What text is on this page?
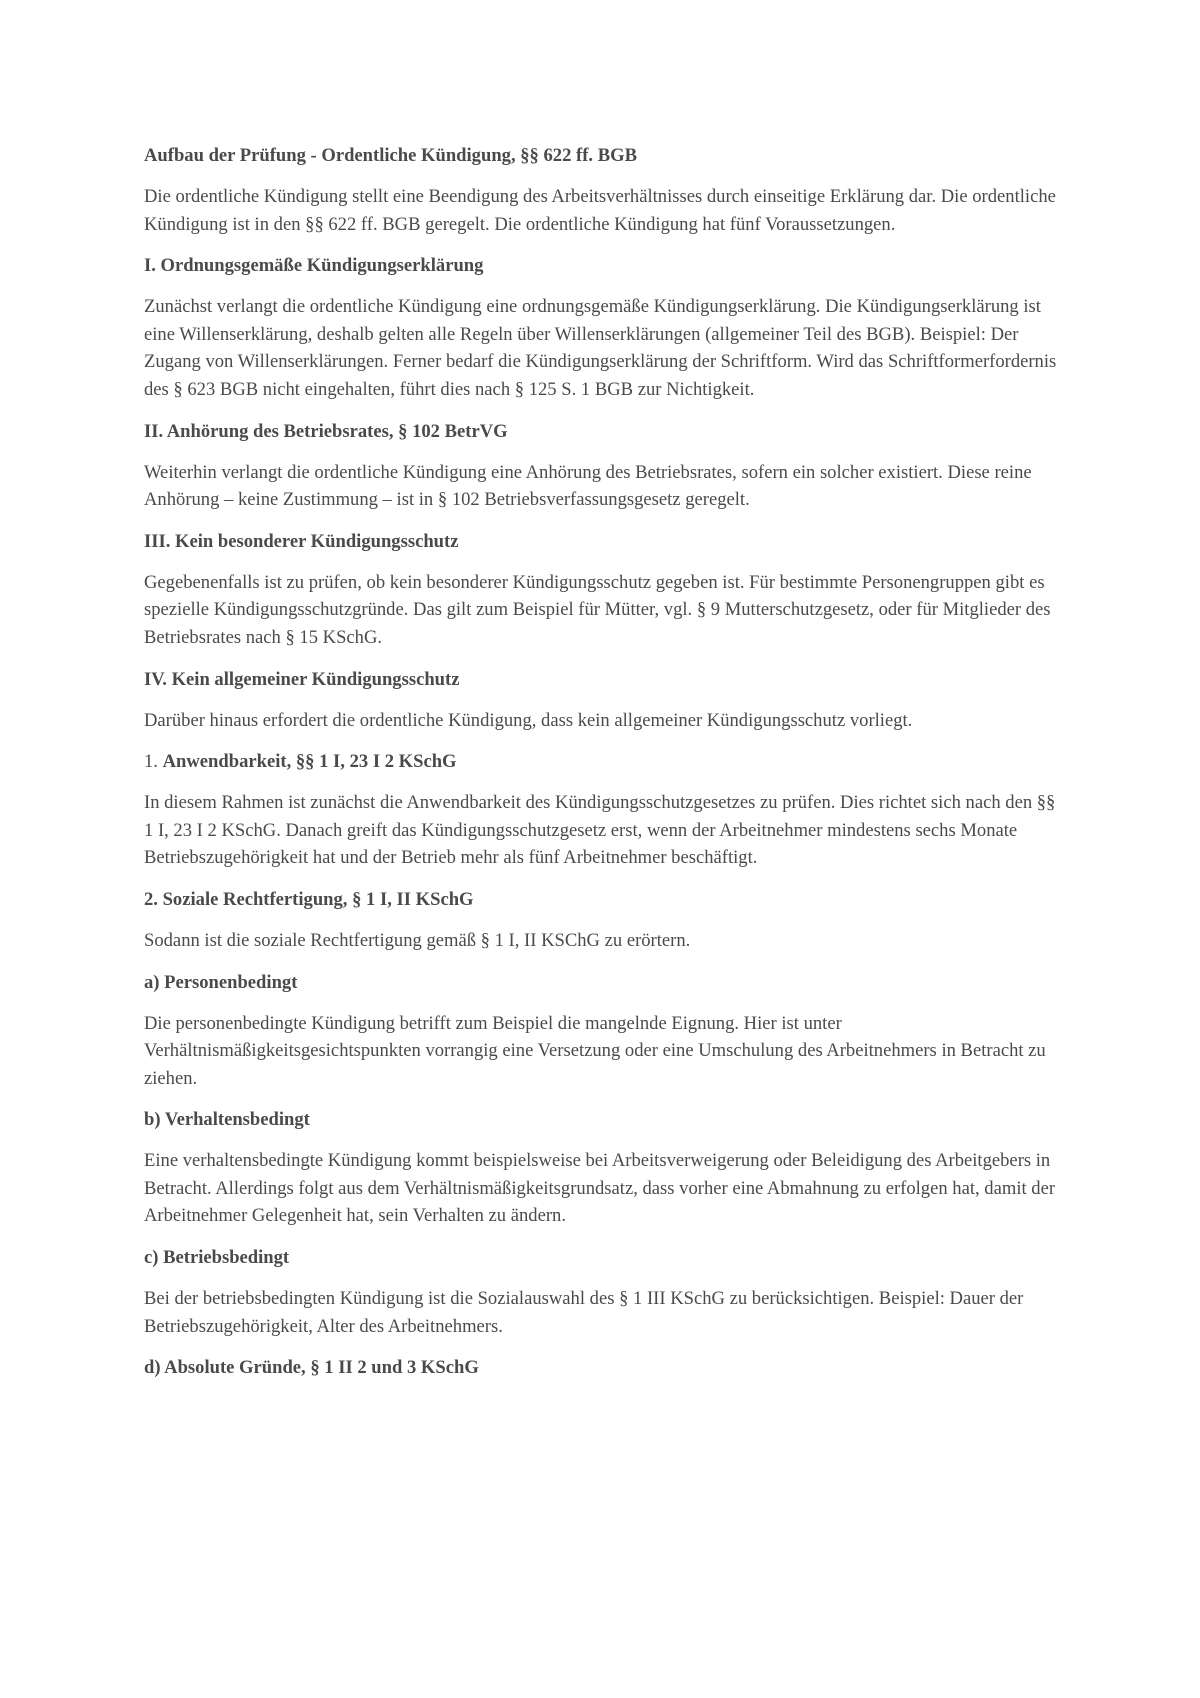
Aufbau der Prüfung - Ordentliche Kündigung, §§ 622 ff. BGB
Die ordentliche Kündigung stellt eine Beendigung des Arbeitsverhältnisses durch einseitige Erklärung dar. Die ordentliche Kündigung ist in den §§ 622 ff. BGB geregelt. Die ordentliche Kündigung hat fünf Voraussetzungen.
I. Ordnungsgemäße Kündigungserklärung
Zunächst verlangt die ordentliche Kündigung eine ordnungsgemäße Kündigungserklärung. Die Kündigungserklärung ist eine Willenserklärung, deshalb gelten alle Regeln über Willenserklärungen (allgemeiner Teil des BGB). Beispiel: Der Zugang von Willenserklärungen. Ferner bedarf die Kündigungserklärung der Schriftform. Wird das Schriftformerfordernis des § 623 BGB nicht eingehalten, führt dies nach § 125 S. 1 BGB zur Nichtigkeit.
II. Anhörung des Betriebsrates, § 102 BetrVG
Weiterhin verlangt die ordentliche Kündigung eine Anhörung des Betriebsrates, sofern ein solcher existiert. Diese reine Anhörung – keine Zustimmung – ist in § 102 Betriebsverfassungsgesetz geregelt.
III. Kein besonderer Kündigungsschutz
Gegebenenfalls ist zu prüfen, ob kein besonderer Kündigungsschutz gegeben ist. Für bestimmte Personengruppen gibt es spezielle Kündigungsschutzgründe. Das gilt zum Beispiel für Mütter, vgl. § 9 Mutterschutzgesetz, oder für Mitglieder des Betriebsrates nach § 15 KSchG.
IV. Kein allgemeiner Kündigungsschutz
Darüber hinaus erfordert die ordentliche Kündigung, dass kein allgemeiner Kündigungsschutz vorliegt.
1. Anwendbarkeit, §§ 1 I, 23 I 2 KSchG
In diesem Rahmen ist zunächst die Anwendbarkeit des Kündigungsschutzgesetzes zu prüfen. Dies richtet sich nach den §§ 1 I, 23 I 2 KSchG. Danach greift das Kündigungsschutzgesetz erst, wenn der Arbeitnehmer mindestens sechs Monate Betriebszugehörigkeit hat und der Betrieb mehr als fünf Arbeitnehmer beschäftigt.
2. Soziale Rechtfertigung, § 1 I, II KSchG
Sodann ist die soziale Rechtfertigung gemäß § 1 I, II KSChG zu erörtern.
a) Personenbedingt
Die personenbedingte Kündigung betrifft zum Beispiel die mangelnde Eignung. Hier ist unter Verhältnismäßigkeitsgesichtspunkten vorrangig eine Versetzung oder eine Umschulung des Arbeitnehmers in Betracht zu ziehen.
b) Verhaltensbedingt
Eine verhaltensbedingte Kündigung kommt beispielsweise bei Arbeitsverweigerung oder Beleidigung des Arbeitgebers in Betracht. Allerdings folgt aus dem Verhältnismäßigkeitsgrundsatz, dass vorher eine Abmahnung zu erfolgen hat, damit der Arbeitnehmer Gelegenheit hat, sein Verhalten zu ändern.
c) Betriebsbedingt
Bei der betriebsbedingten Kündigung ist die Sozialauswahl des § 1 III KSchG zu berücksichtigen. Beispiel: Dauer der Betriebszugehörigkeit, Alter des Arbeitnehmers.
d) Absolute Gründe, § 1 II 2 und 3 KSchG
